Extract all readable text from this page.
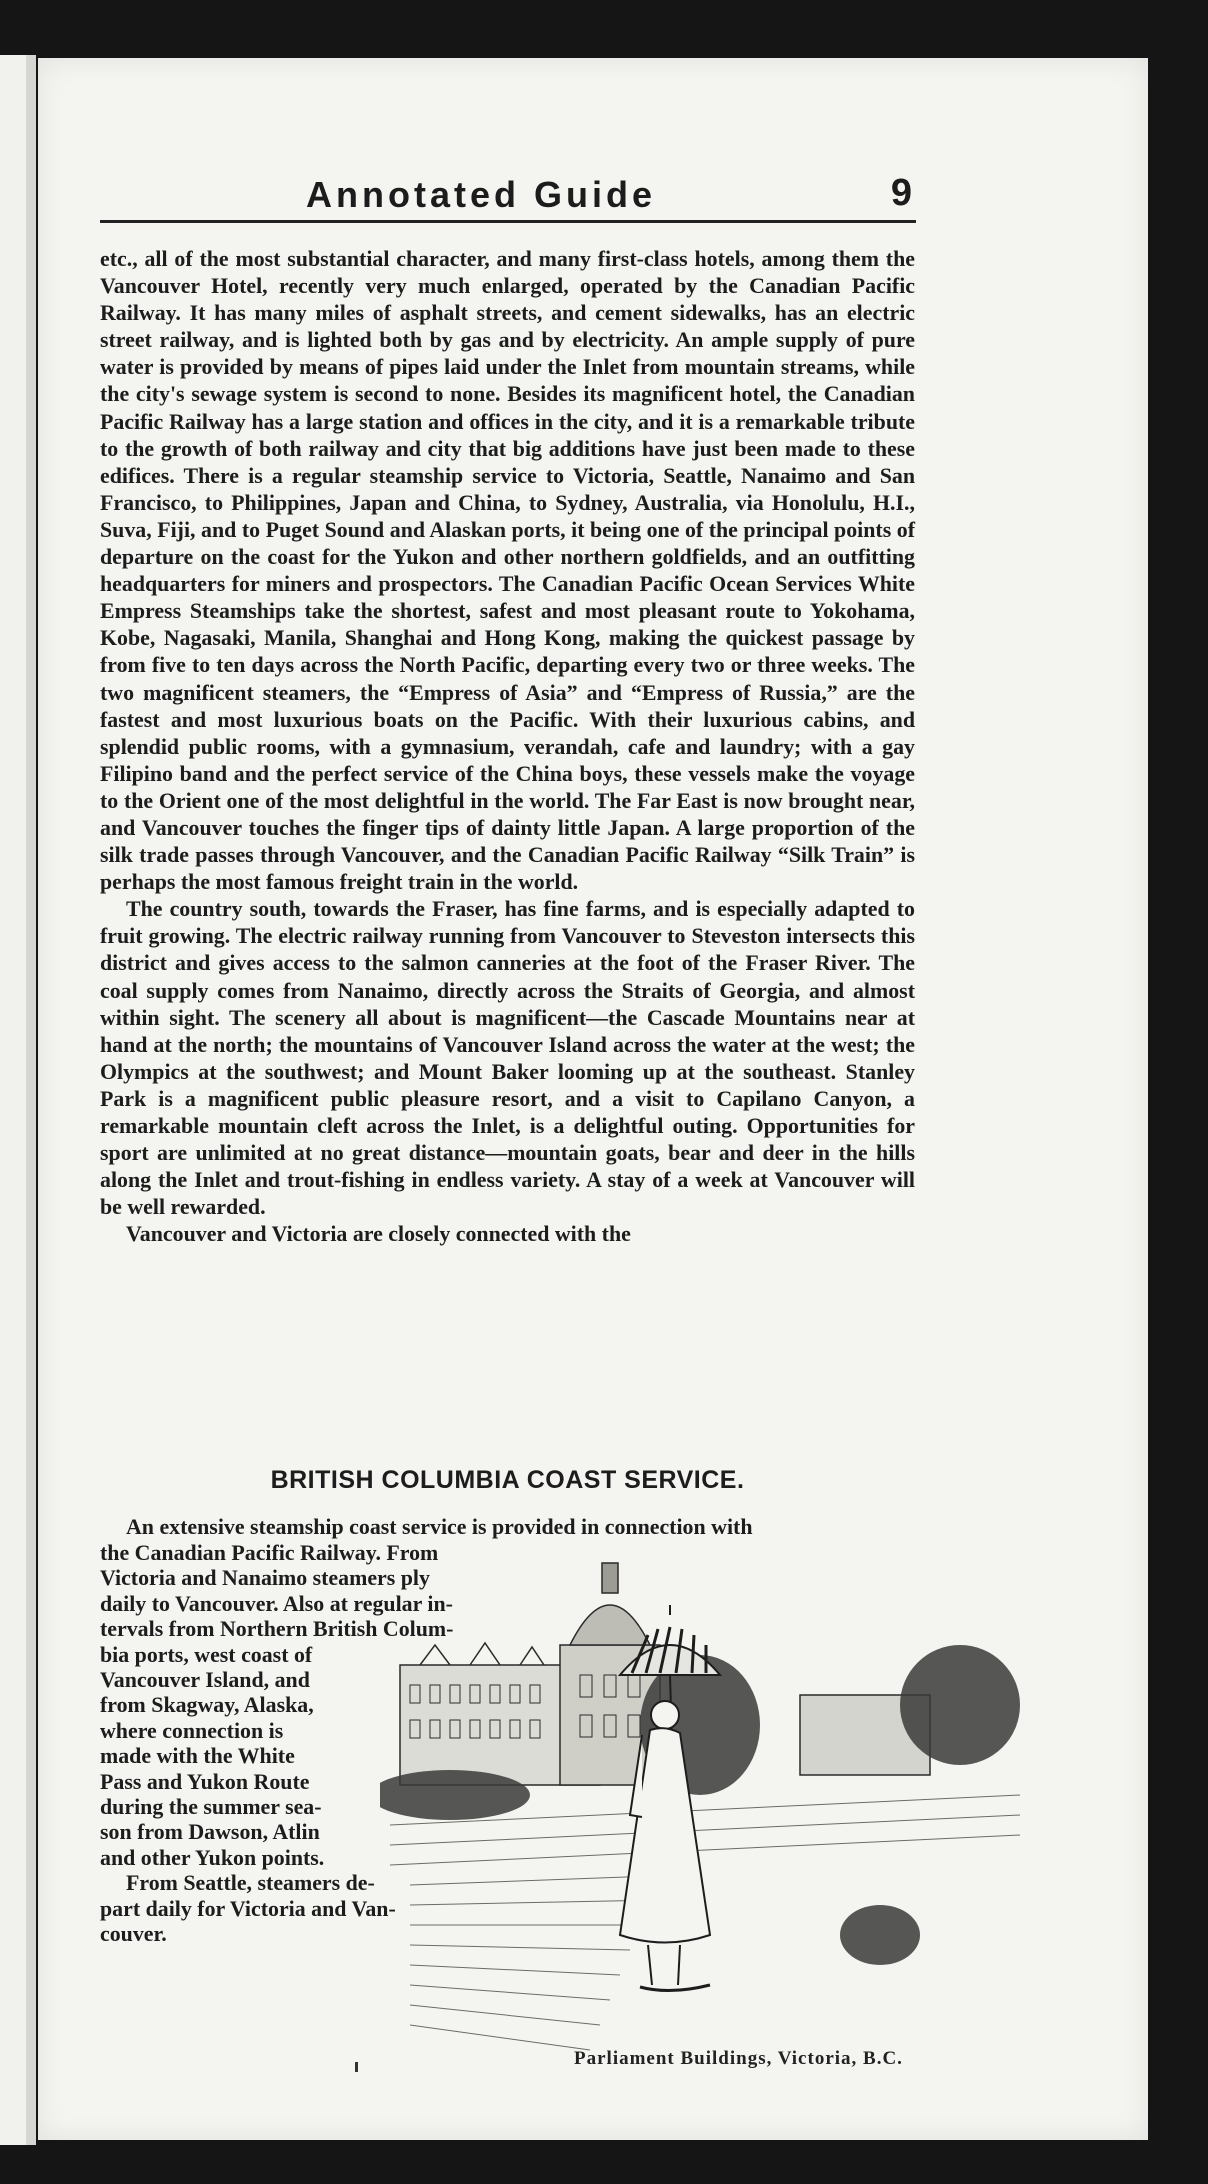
Annotated Guide	9

etc., all of the most substantial character, and many first-class hotels, among them the Vancouver Hotel, recently very much enlarged, operated by the Canadian Pacific Railway. It has many miles of asphalt streets, and cement sidewalks, has an electric street railway, and is lighted both by gas and by electricity. An ample supply of pure water is provided by means of pipes laid under the Inlet from mountain streams, while the city's sewage system is second to none. Besides its magnificent hotel, the Canadian Pacific Railway has a large station and offices in the city, and it is a remarkable tribute to the growth of both railway and city that big additions have just been made to these edifices. There is a regular steamship service to Victoria, Seattle, Nanaimo and San Francisco, to Philippines, Japan and China, to Sydney, Australia, via Honolulu, H.I., Suva, Fiji, and to Puget Sound and Alaskan ports, it being one of the principal points of departure on the coast for the Yukon and other northern goldfields, and an outfitting headquarters for miners and prospectors. The Canadian Pacific Ocean Services White Empress Steamships take the shortest, safest and most pleasant route to Yokohama, Kobe, Nagasaki, Manila, Shanghai and Hong Kong, making the quickest passage by from five to ten days across the North Pacific, departing every two or three weeks. The two magnificent steamers, the “Empress of Asia” and “Empress of Russia,” are the fastest and most luxurious boats on the Pacific. With their luxurious cabins, and splendid public rooms, with a gymnasium, verandah, cafe and laundry; with a gay Filipino band and the perfect service of the China boys, these vessels make the voyage to the Orient one of the most delightful in the world. The Far East is now brought near, and Vancouver touches the finger tips of dainty little Japan. A large proportion of the silk trade passes through Vancouver, and the Canadian Pacific Railway “Silk Train” is perhaps the most famous freight train in the world.

The country south, towards the Fraser, has fine farms, and is especially adapted to fruit growing. The electric railway running from Vancouver to Steveston intersects this district and gives access to the salmon canneries at the foot of the Fraser River. The coal supply comes from Nanaimo, directly across the Straits of Georgia, and almost within sight. The scenery all about is magnificent—the Cascade Mountains near at hand at the north; the mountains of Vancouver Island across the water at the west; the Olympics at the southwest; and Mount Baker looming up at the southeast. Stanley Park is a magnificent public pleasure resort, and a visit to Capilano Canyon, a remarkable mountain cleft across the Inlet, is a delightful outing. Opportunities for sport are unlimited at no great distance—mountain goats, bear and deer in the hills along the Inlet and trout-fishing in endless variety. A stay of a week at Vancouver will be well rewarded.

Vancouver and Victoria are closely connected with the

BRITISH COLUMBIA COAST SERVICE.
An extensive steamship coast service is provided in connection with

the Canadian Pacific Railway. From
Victoria and Nanaimo steamers ply
daily to Vancouver. Also at regular in-
tervals from Northern British Colum-
bia ports, west coast of
Vancouver Island, and
from Skagway, Alaska,
where connection is
made with the White
Pass and Yukon Route
during the summer sea-
son from Dawson, Atlin
and other Yukon points.

From Seattle, steamers de-

part daily for Victoria and Van-
couver.

Parliament Buildings, Victoria, B.C.
